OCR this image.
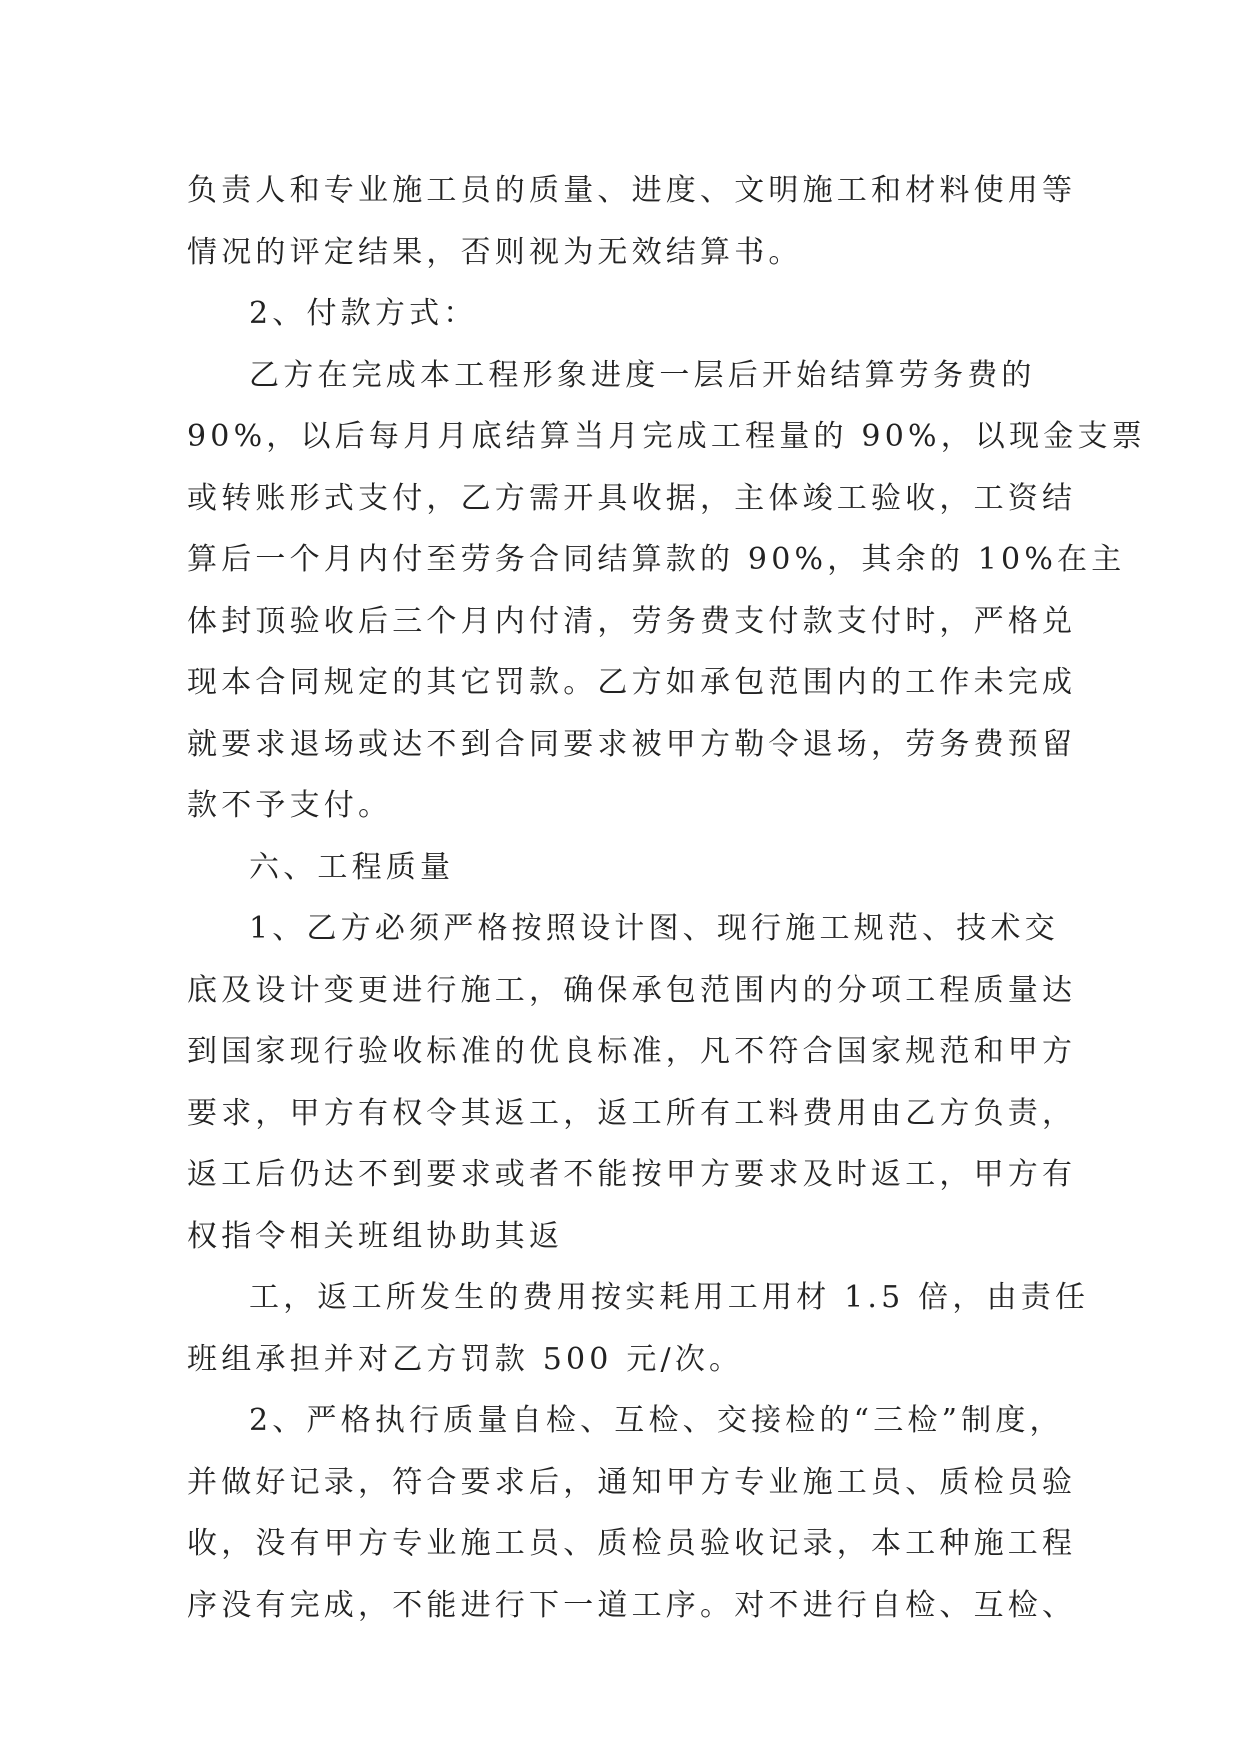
负责人和专业施工员的质量、进度、文明施工和材料使用等
情况的评定结果，否则视为无效结算书。
2、付款方式：
乙方在完成本工程形象进度一层后开始结算劳务费的
90%，以后每月月底结算当月完成工程量的 90%，以现金支票
或转账形式支付，乙方需开具收据，主体竣工验收，工资结
算后一个月内付至劳务合同结算款的 90%，其余的 10%在主
体封顶验收后三个月内付清，劳务费支付款支付时，严格兑
现本合同规定的其它罚款。乙方如承包范围内的工作未完成
就要求退场或达不到合同要求被甲方勒令退场，劳务费预留
款不予支付。
六、工程质量
1、乙方必须严格按照设计图、现行施工规范、技术交
底及设计变更进行施工，确保承包范围内的分项工程质量达
到国家现行验收标准的优良标准，凡不符合国家规范和甲方
要求，甲方有权令其返工，返工所有工料费用由乙方负责，
返工后仍达不到要求或者不能按甲方要求及时返工，甲方有
权指令相关班组协助其返
工，返工所发生的费用按实耗用工用材 1.5 倍，由责任
班组承担并对乙方罚款 500 元/次。
2、严格执行质量自检、互检、交接检的“三检”制度，
并做好记录，符合要求后，通知甲方专业施工员、质检员验
收，没有甲方专业施工员、质检员验收记录，本工种施工程
序没有完成，不能进行下一道工序。对不进行自检、互检、
